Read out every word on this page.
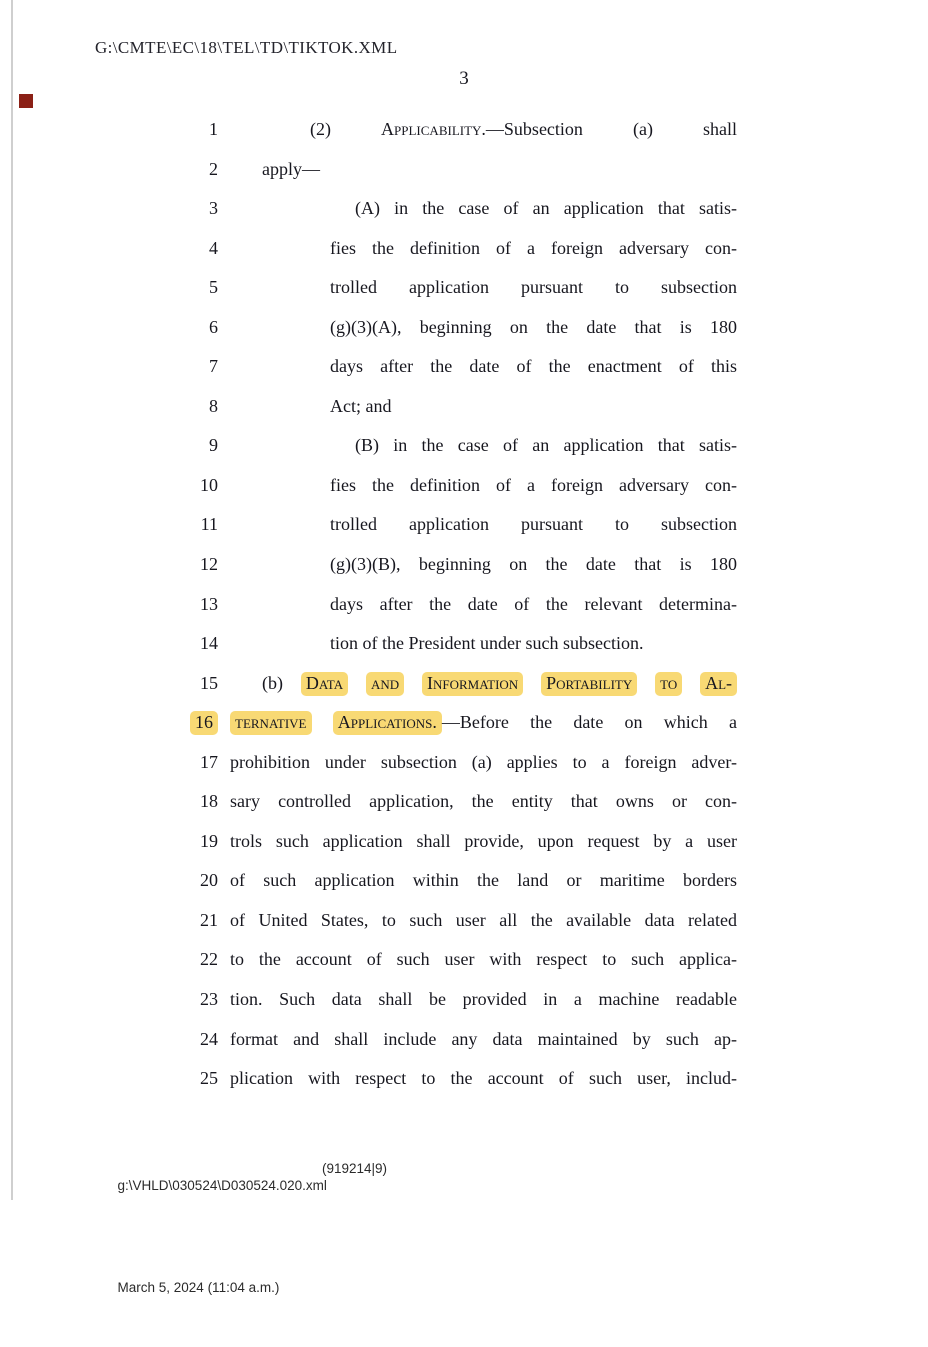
G:\CMTE\EC\18\TEL\TD\TIKTOK.XML
3
1	(2) Applicability.—Subsection (a) shall
2 apply—
3	(A) in the case of an application that satis-
4	fies the definition of a foreign adversary con-
5	trolled application pursuant to subsection
6	(g)(3)(A), beginning on the date that is 180
7	days after the date of the enactment of this
8	Act; and
9	(B) in the case of an application that satis-
10	fies the definition of a foreign adversary con-
11	trolled application pursuant to subsection
12	(g)(3)(B), beginning on the date that is 180
13	days after the date of the relevant determina-
14	tion of the President under such subsection.
15 (b) Data and Information Portability to Al-
16 ternative Applications. —Before the date on which a
17 prohibition under subsection (a) applies to a foreign adver-
18 sary controlled application, the entity that owns or con-
19 trols such application shall provide, upon request by a user
20 of such application within the land or maritime borders
21 of United States, to such user all the available data related
22 to the account of such user with respect to such applica-
23 tion. Such data shall be provided in a machine readable
24 format and shall include any data maintained by such ap-
25 plication with respect to the account of such user, includ-

g:\VHLD\030524\D030524.020.xml

(919214|9)

March 5, 2024 (11:04 a.m.)
